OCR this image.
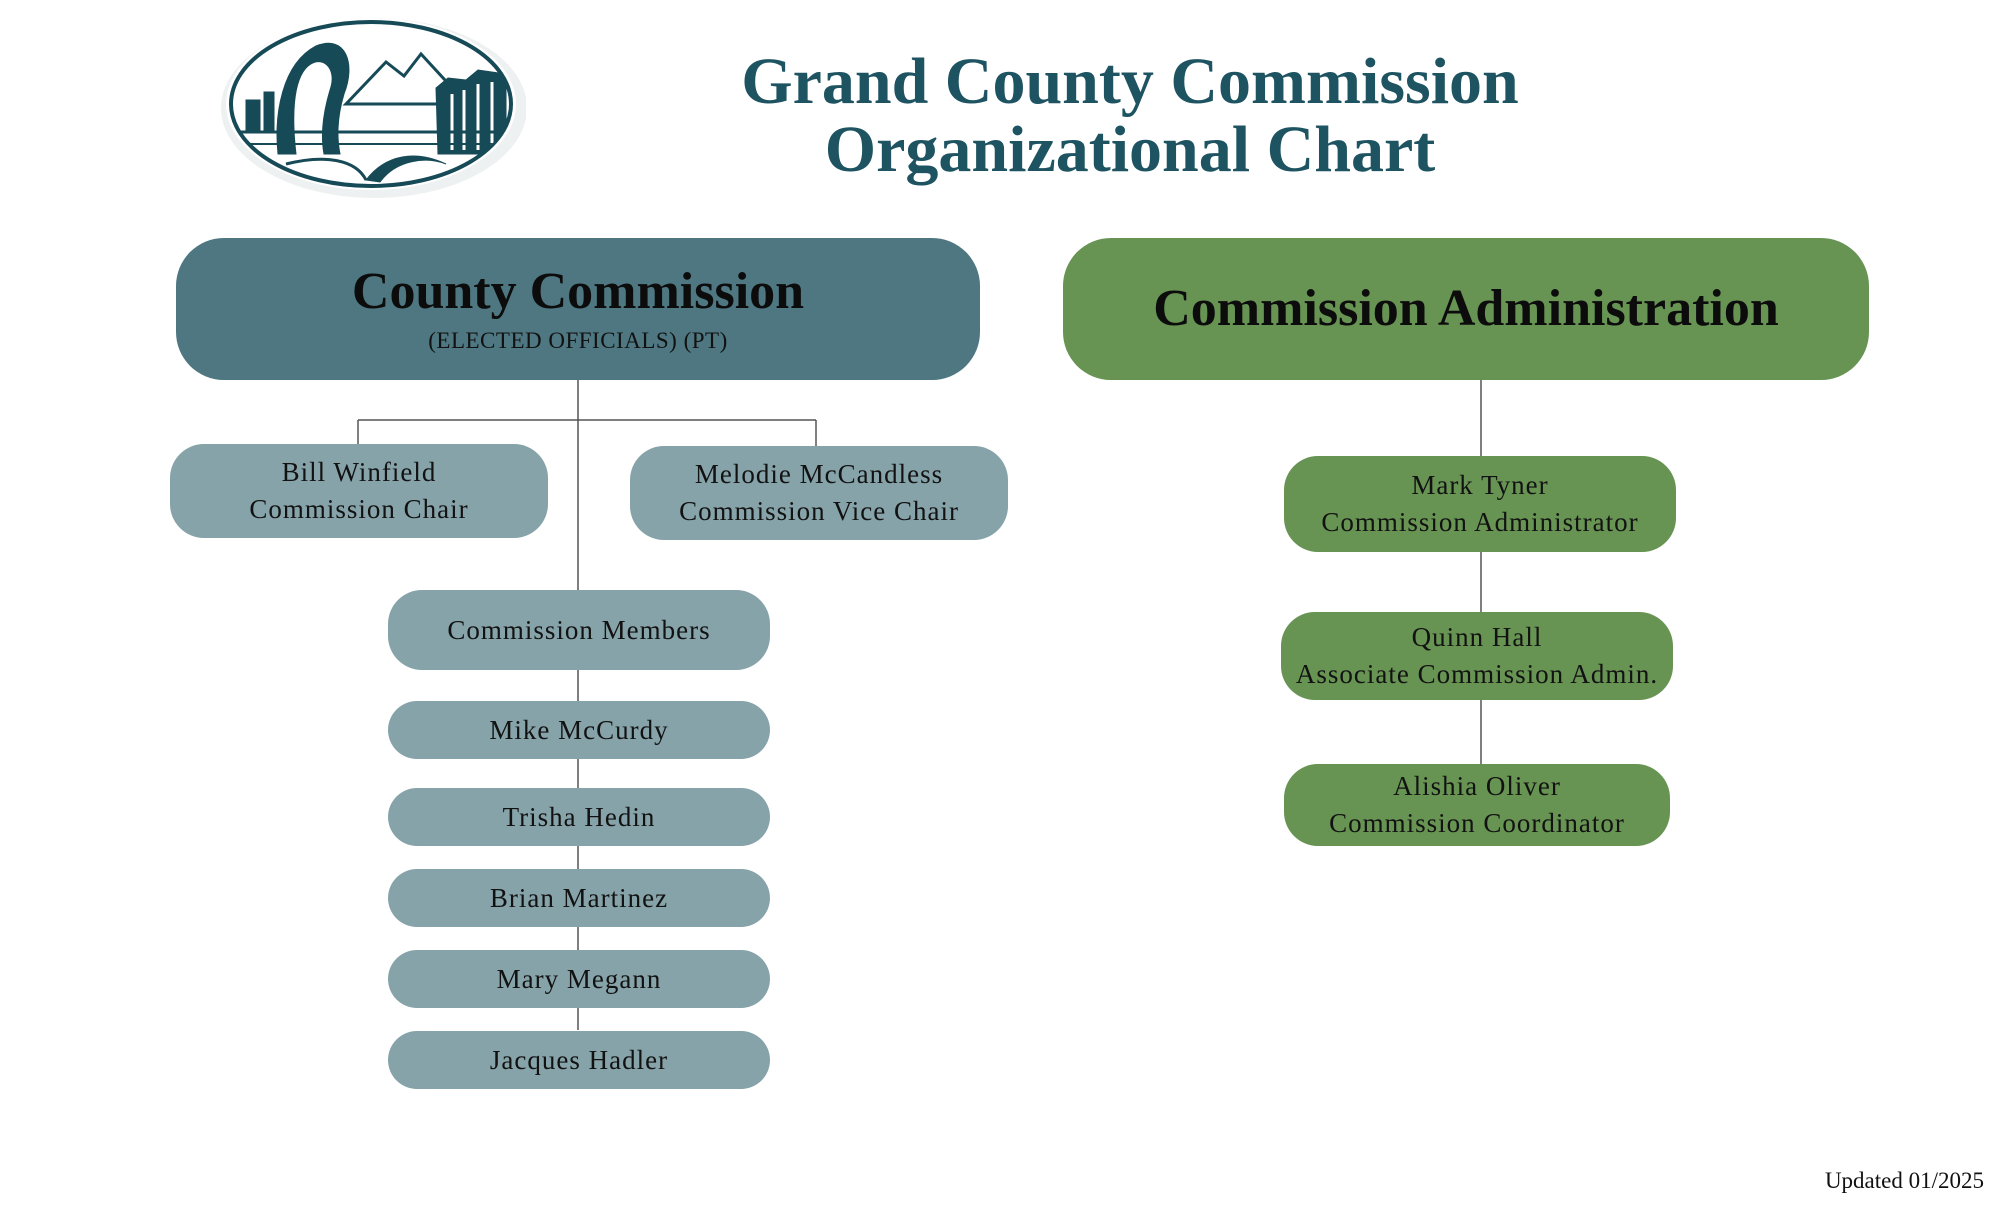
Grand County Commission
Organizational Chart
County Commission
(ELECTED OFFICIALS) (PT)
Bill Winfield
Commission Chair
Melodie McCandless
Commission Vice Chair
Commission Members
Mike McCurdy
Trisha Hedin
Brian Martinez
Mary Megann
Jacques Hadler
Commission Administration
Mark Tyner
Commission Administrator
Quinn Hall
Associate Commission Admin.
Alishia Oliver
Commission Coordinator
Updated 01/2025
